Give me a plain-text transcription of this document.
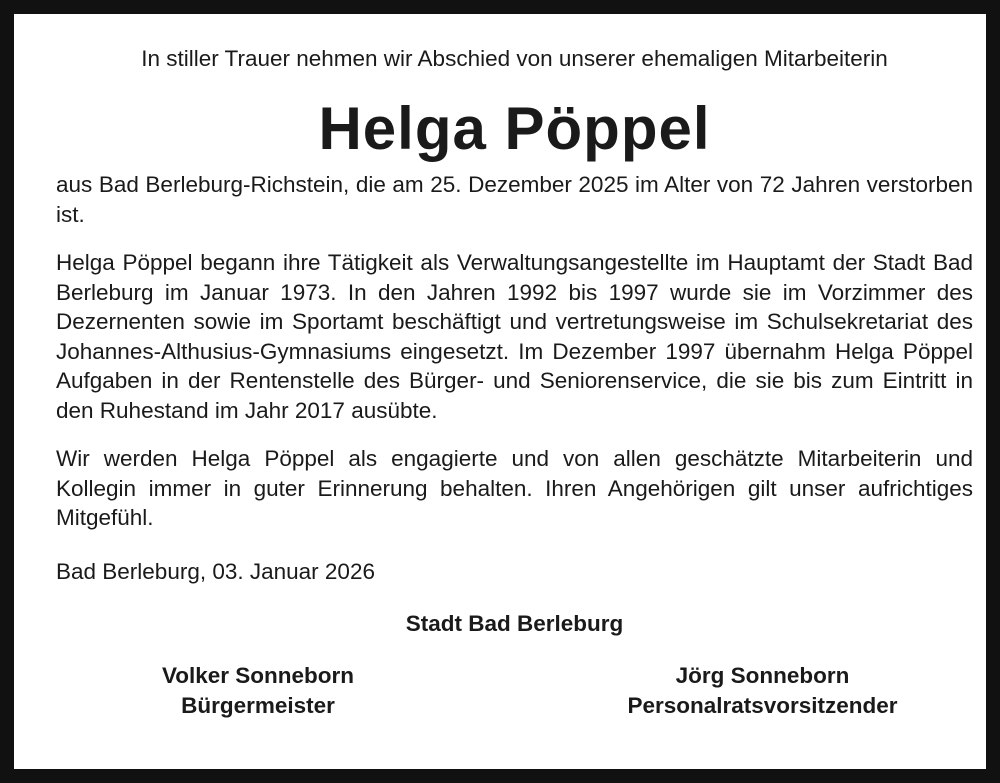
In stiller Trauer nehmen wir Abschied von unserer ehemaligen Mitarbeiterin

Helga Pöppel

aus Bad Berleburg-Richstein, die am 25. Dezember 2025 im Alter von 72 Jahren verstorben ist.

Helga Pöppel begann ihre Tätigkeit als Verwaltungsangestellte im Hauptamt der Stadt Bad Berleburg im Januar 1973. In den Jahren 1992 bis 1997 wurde sie im Vorzimmer des Dezernenten sowie im Sportamt beschäftigt und vertretungsweise im Schulsekretariat des Johannes-Althusius-Gymnasiums eingesetzt. Im Dezember 1997 übernahm Helga Pöppel Aufgaben in der Rentenstelle des Bürger- und Seniorenservice, die sie bis zum Eintritt in den Ruhestand im Jahr 2017 ausübte.

Wir werden Helga Pöppel als engagierte und von allen geschätzte Mitarbeiterin und Kollegin immer in guter Erinnerung behalten. Ihren Angehörigen gilt unser aufrichtiges Mitgefühl.

Bad Berleburg, 03. Januar 2026

Stadt Bad Berleburg

Volker Sonneborn
Bürgermeister
Jörg Sonneborn
Personalratsvorsitzender
